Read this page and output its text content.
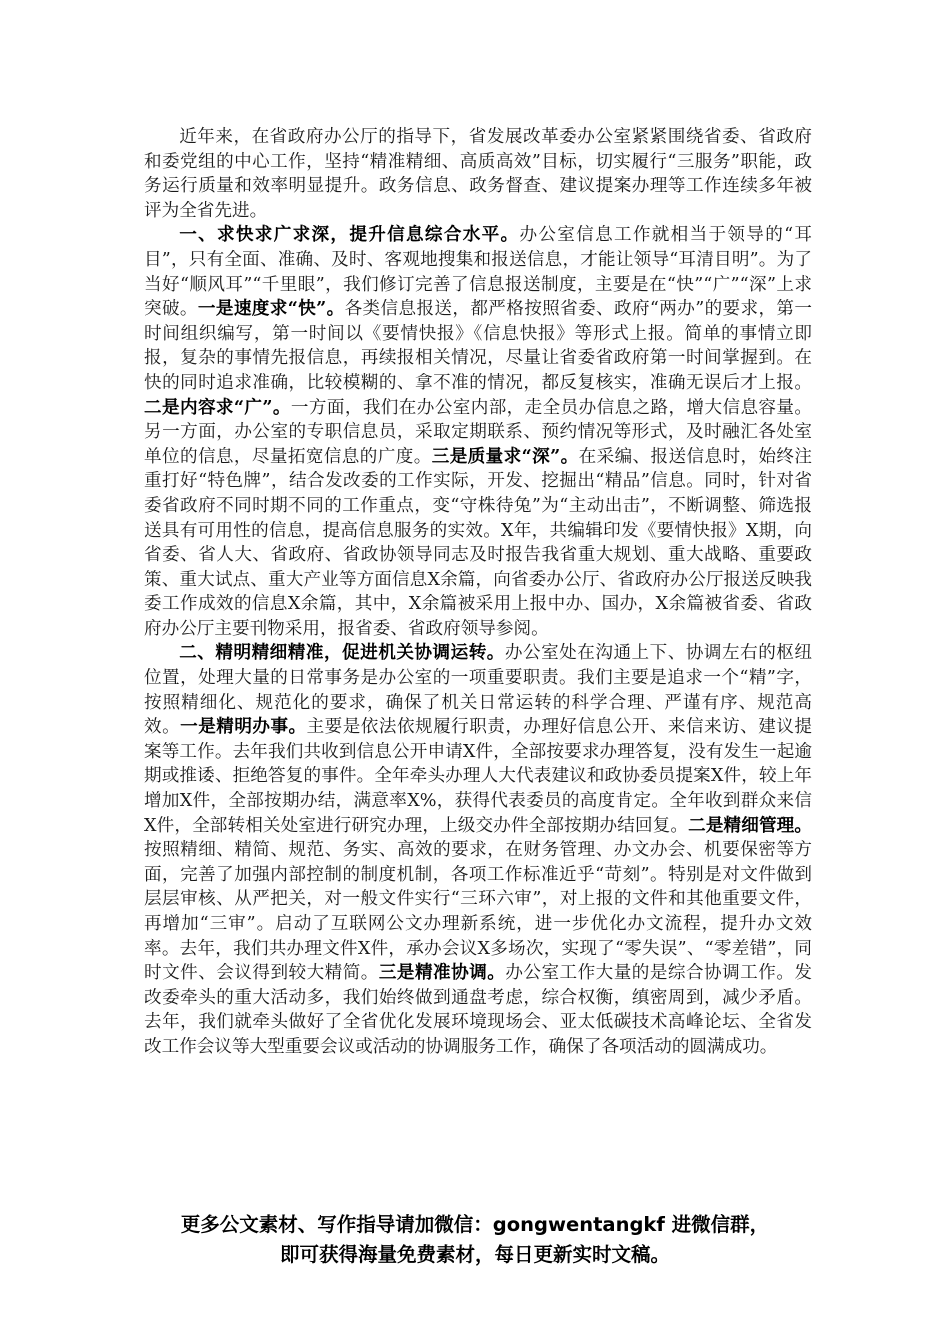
近年来，在省政府办公厅的指导下，省发展改革委办公室紧紧围绕省委、省政府和委党组的中心工作，坚持“精准精细、高质高效”目标，切实履行“三服务”职能，政务运行质量和效率明显提升。政务信息、政务督查、建议提案办理等工作连续多年被评为全省先进。

一、求快求广求深，提升信息综合水平。办公室信息工作就相当于领导的“耳目”，只有全面、准确、及时、客观地搜集和报送信息，才能让领导“耳清目明”。为了当好“顺风耳”“千里眼”，我们修订完善了信息报送制度，主要是在“快”“广”“深”上求突破。一是速度求“快”。各类信息报送，都严格按照省委、政府“两办”的要求，第一时间组织编写，第一时间以《要情快报》《信息快报》等形式上报。简单的事情立即报，复杂的事情先报信息，再续报相关情况，尽量让省委省政府第一时间掌握到。在快的同时追求准确，比较模糊的、拿不准的情况，都反复核实，准确无误后才上报。二是内容求“广”。一方面，我们在办公室内部，走全员办信息之路，增大信息容量。另一方面，办公室的专职信息员，采取定期联系、预约情况等形式，及时融汇各处室单位的信息，尽量拓宽信息的广度。三是质量求“深”。在采编、报送信息时，始终注重打好“特色牌”，结合发改委的工作实际，开发、挖掘出“精品”信息。同时，针对省委省政府不同时期不同的工作重点，变“守株待兔”为“主动出击”，不断调整、筛选报送具有可用性的信息，提高信息服务的实效。X年，共编辑印发《要情快报》X期，向省委、省人大、省政府、省政协领导同志及时报告我省重大规划、重大战略、重要政策、重大试点、重大产业等方面信息X余篇，向省委办公厅、省政府办公厅报送反映我委工作成效的信息X余篇，其中，X余篇被采用上报中办、国办，X余篇被省委、省政府办公厅主要刊物采用，报省委、省政府领导参阅。

二、精明精细精准，促进机关协调运转。办公室处在沟通上下、协调左右的枢纽位置，处理大量的日常事务是办公室的一项重要职责。我们主要是追求一个“精”字，按照精细化、规范化的要求，确保了机关日常运转的科学合理、严谨有序、规范高效。一是精明办事。主要是依法依规履行职责，办理好信息公开、来信来访、建议提案等工作。去年我们共收到信息公开申请X件，全部按要求办理答复，没有发生一起逾期或推诿、拒绝答复的事件。全年牵头办理人大代表建议和政协委员提案X件，较上年增加X件，全部按期办结，满意率X%，获得代表委员的高度肯定。全年收到群众来信X件，全部转相关处室进行研究办理，上级交办件全部按期办结回复。二是精细管理。按照精细、精简、规范、务实、高效的要求，在财务管理、办文办会、机要保密等方面，完善了加强内部控制的制度机制，各项工作标准近乎“苛刻”。特别是对文件做到层层审核、从严把关，对一般文件实行“三环六审”，对上报的文件和其他重要文件，再增加“三审”。启动了互联网公文办理新系统，进一步优化办文流程，提升办文效率。去年，我们共办理文件X件，承办会议X多场次，实现了“零失误”、“零差错”，同时文件、会议得到较大精简。三是精准协调。办公室工作大量的是综合协调工作。发改委牵头的重大活动多，我们始终做到通盘考虑，综合权衡，缜密周到，减少矛盾。去年，我们就牵头做好了全省优化发展环境现场会、亚太低碳技术高峰论坛、全省发改工作会议等大型重要会议或活动的协调服务工作，确保了各项活动的圆满成功。

更多公文素材、写作指导请加微信：gongwentangkf 进微信群，
即可获得海量免费素材，每日更新实时文稿。
